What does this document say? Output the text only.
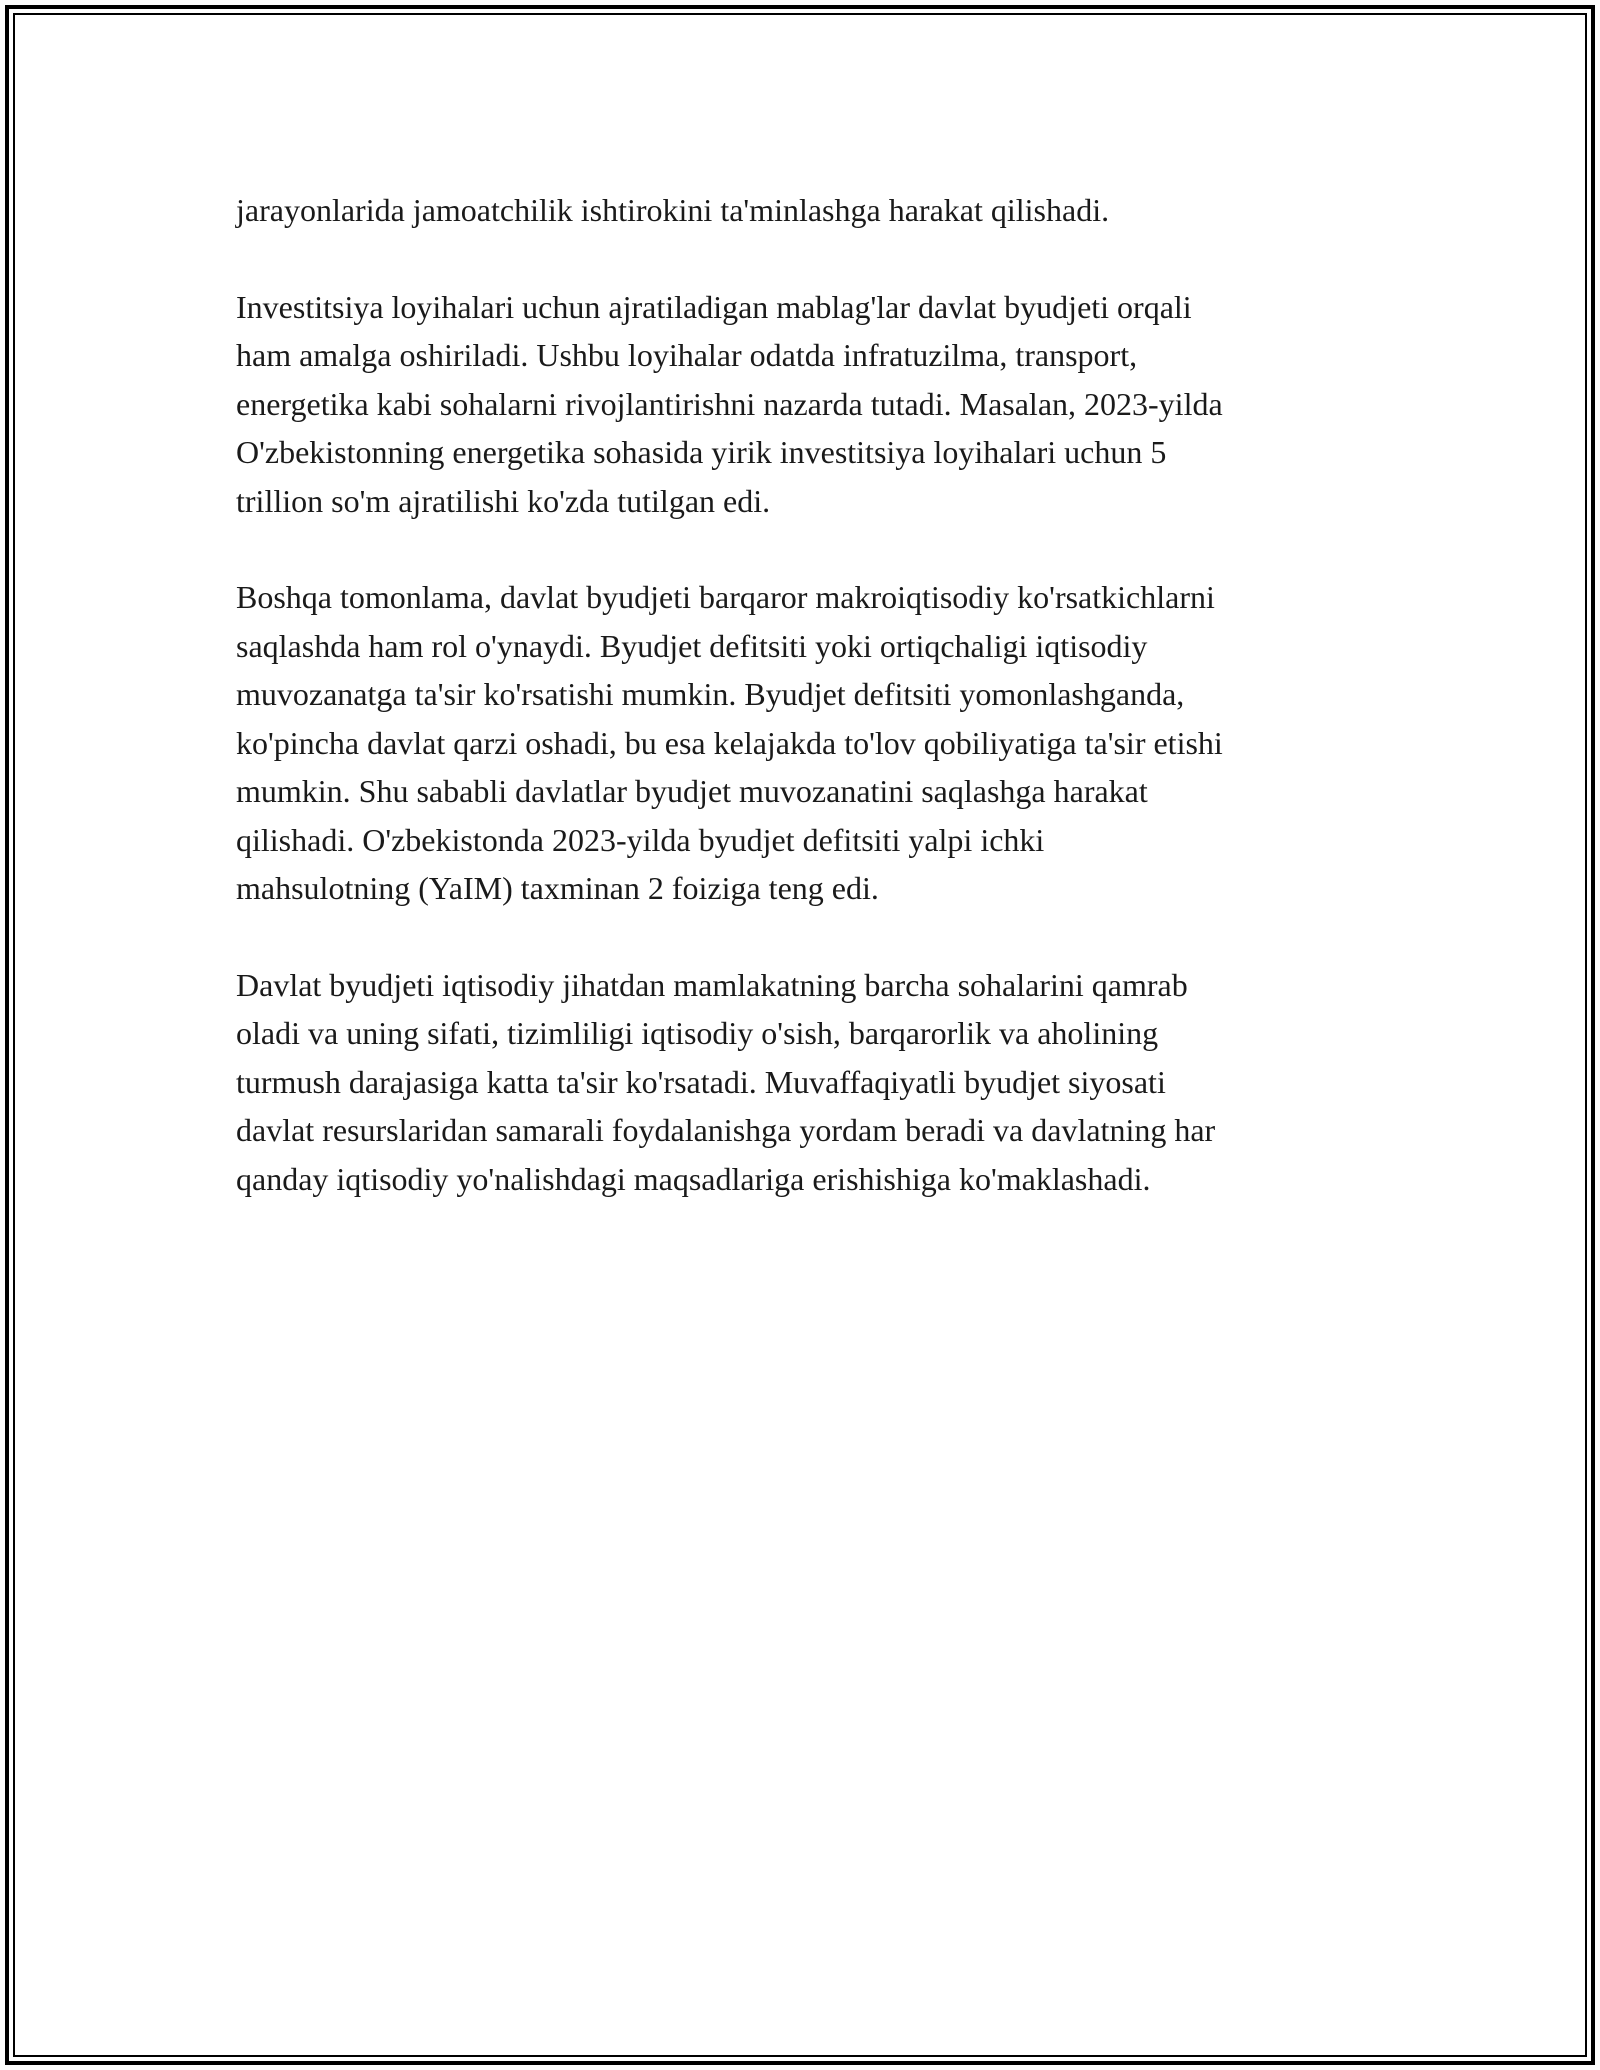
jarayonlarida jamoatchilik ishtirokini ta'minlashga harakat qilishadi.

Investitsiya loyihalari uchun ajratiladigan mablag'lar davlat byudjeti orqali
ham amalga oshiriladi. Ushbu loyihalar odatda infratuzilma, transport,
energetika kabi sohalarni rivojlantirishni nazarda tutadi. Masalan, 2023-yilda
O'zbekistonning energetika sohasida yirik investitsiya loyihalari uchun 5
trillion so'm ajratilishi ko'zda tutilgan edi.

Boshqa tomonlama, davlat byudjeti barqaror makroiqtisodiy ko'rsatkichlarni
saqlashda ham rol o'ynaydi. Byudjet defitsiti yoki ortiqchaligi iqtisodiy
muvozanatga ta'sir ko'rsatishi mumkin. Byudjet defitsiti yomonlashganda,
ko'pincha davlat qarzi oshadi, bu esa kelajakda to'lov qobiliyatiga ta'sir etishi
mumkin. Shu sababli davlatlar byudjet muvozanatini saqlashga harakat
qilishadi. O'zbekistonda 2023-yilda byudjet defitsiti yalpi ichki
mahsulotning (YaIM) taxminan 2 foiziga teng edi.

Davlat byudjeti iqtisodiy jihatdan mamlakatning barcha sohalarini qamrab
oladi va uning sifati, tizimliligi iqtisodiy o'sish, barqarorlik va aholining
turmush darajasiga katta ta'sir ko'rsatadi. Muvaffaqiyatli byudjet siyosati
davlat resurslaridan samarali foydalanishga yordam beradi va davlatning har
qanday iqtisodiy yo'nalishdagi maqsadlariga erishishiga ko'maklashadi.
